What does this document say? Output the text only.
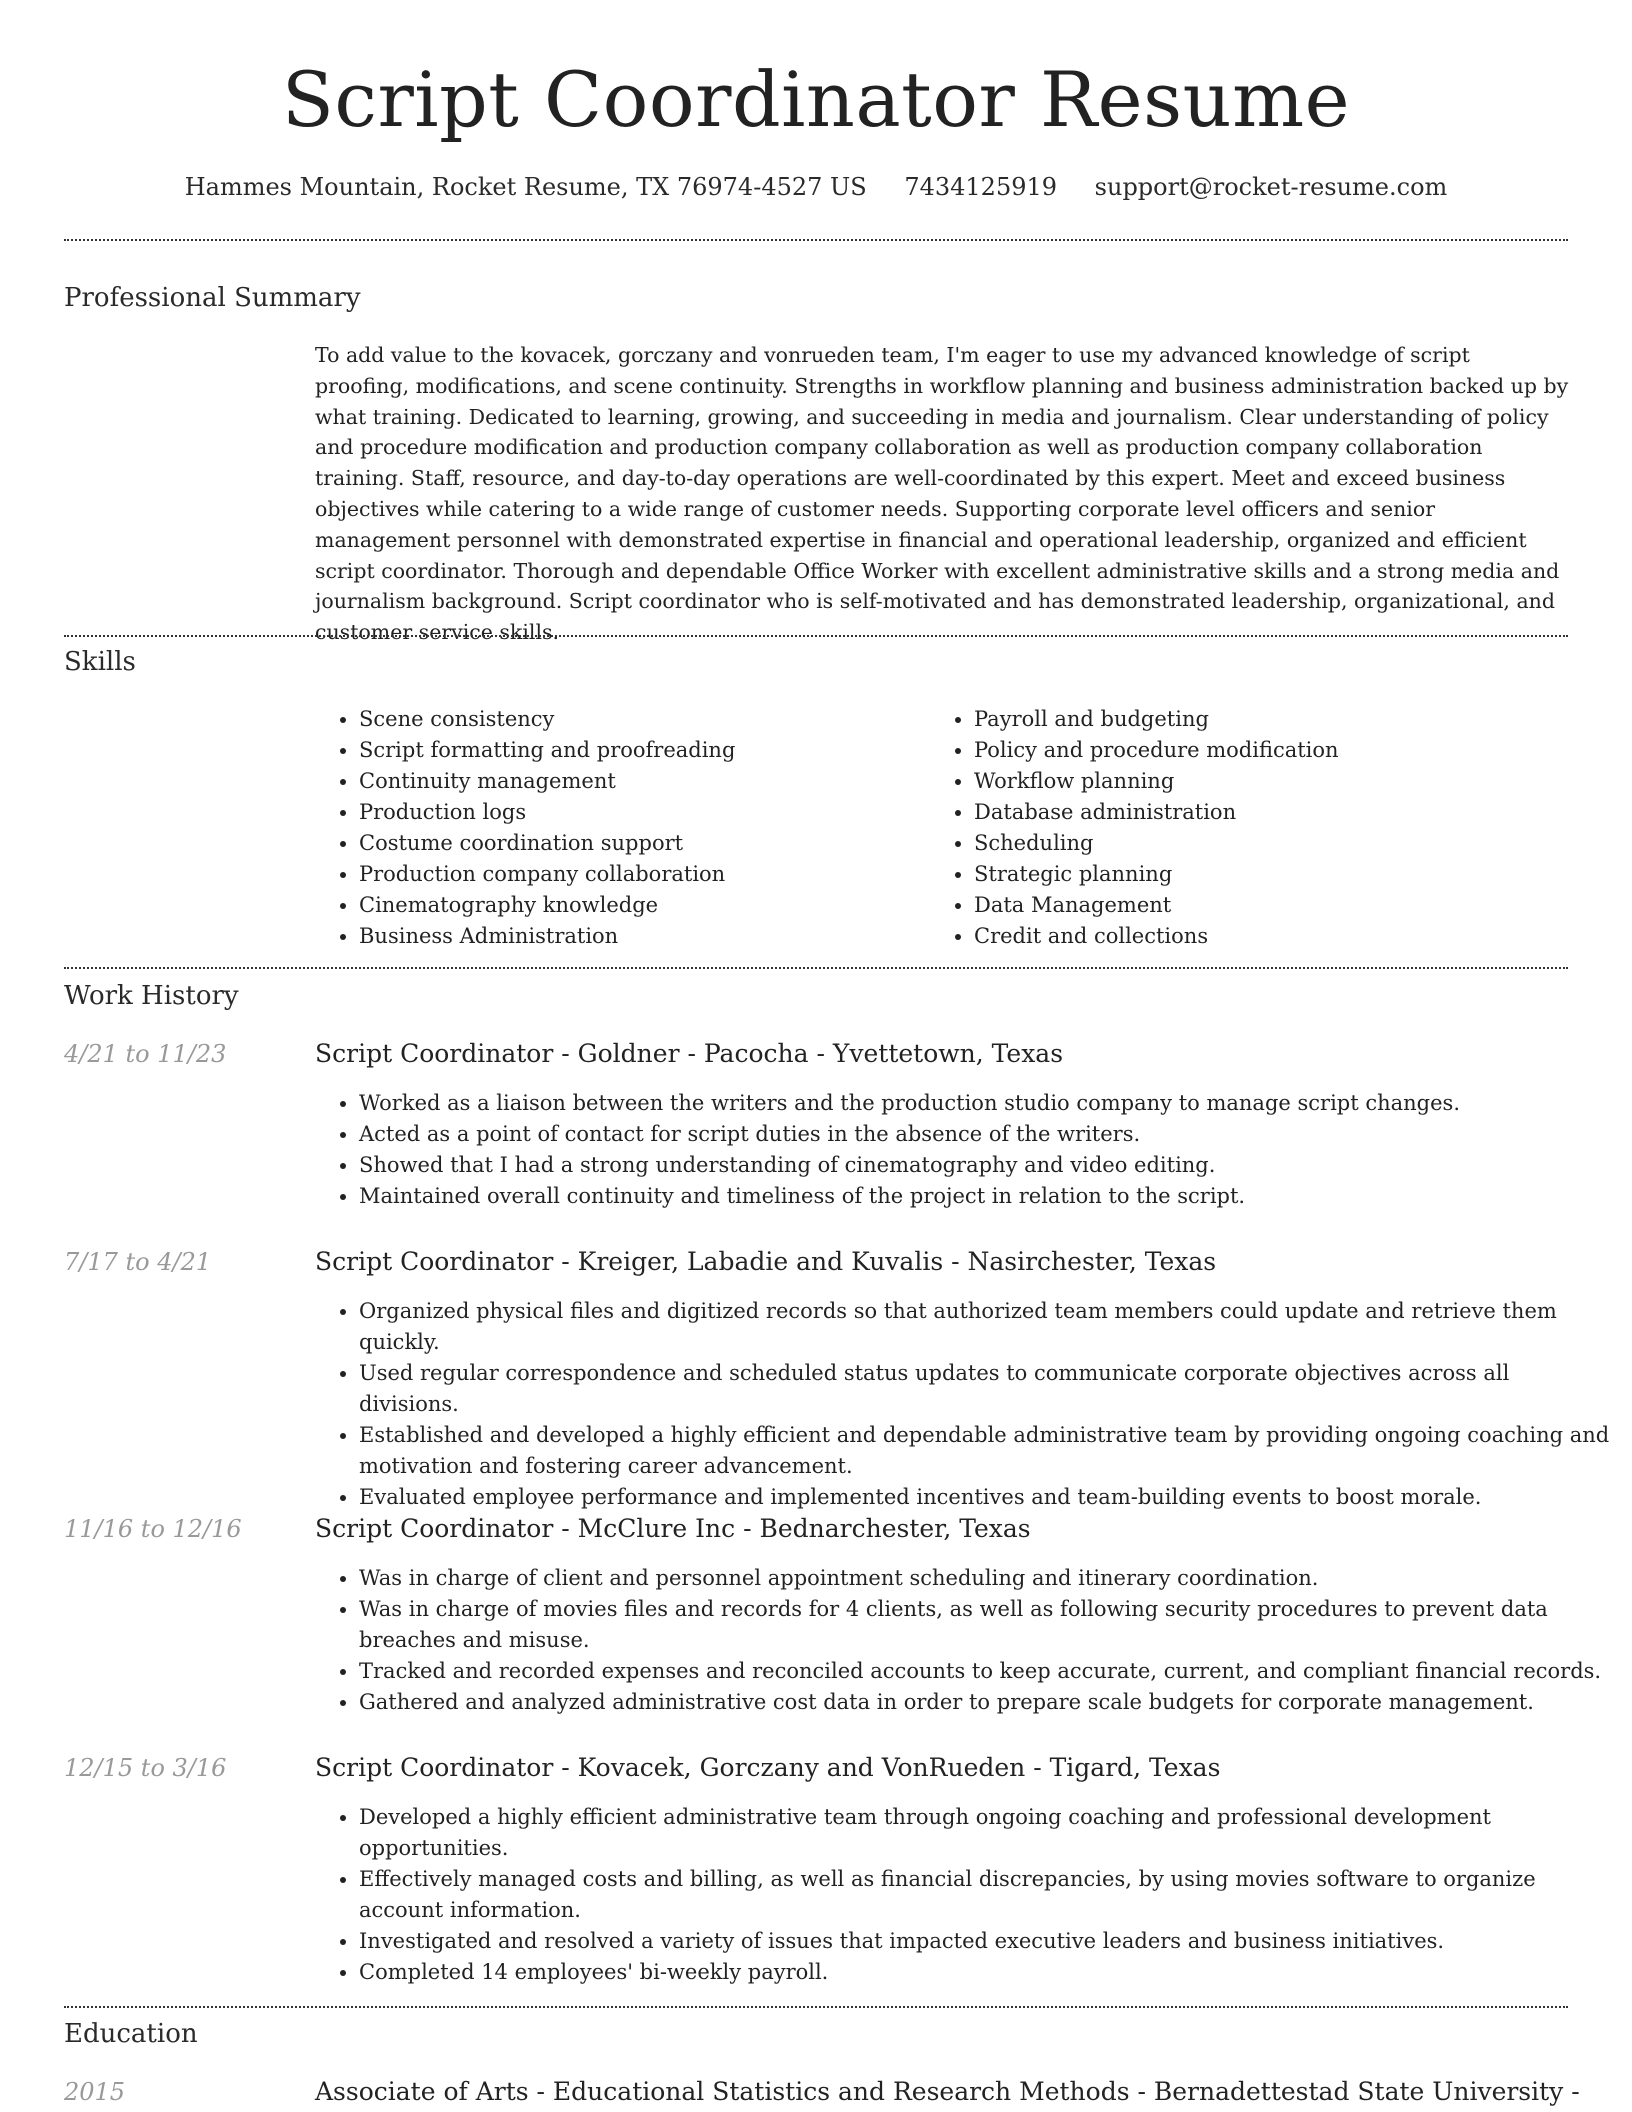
Script Coordinator Resume
Hammes Mountain, Rocket Resume, TX 76974-4527 US 7434125919 support@rocket-resume.com
Professional Summary

To add value to the kovacek, gorczany and vonrueden team, I'm eager to use my advanced knowledge of script proofing, modifications, and scene continuity. Strengths in workflow planning and business administration backed up by what training. Dedicated to learning, growing, and succeeding in media and journalism. Clear understanding of policy and procedure modification and production company collaboration as well as production company collaboration training. Staff, resource, and day-to-day operations are well-coordinated by this expert. Meet and exceed business objectives while catering to a wide range of customer needs. Supporting corporate level officers and senior management personnel with demonstrated expertise in financial and operational leadership, organized and efficient script coordinator. Thorough and dependable Office Worker with excellent administrative skills and a strong media and journalism background. Script coordinator who is self-motivated and has demonstrated leadership, organizational, and customer service skills.

Skills
• Scene consistency
• Script formatting and proofreading
• Continuity management
• Production logs
• Costume coordination support
• Production company collaboration
• Cinematography knowledge
• Business Administration
• Payroll and budgeting
• Policy and procedure modification
• Workflow planning
• Database administration
• Scheduling
• Strategic planning
• Data Management
• Credit and collections
Work History
4/21 to 11/23	Script Coordinator - Goldner - Pacocha - Yvettetown, Texas
• Worked as a liaison between the writers and the production studio company to manage script changes.
• Acted as a point of contact for script duties in the absence of the writers.
• Showed that I had a strong understanding of cinematography and video editing.
• Maintained overall continuity and timeliness of the project in relation to the script.
7/17 to 4/21	Script Coordinator - Kreiger, Labadie and Kuvalis - Nasirchester, Texas
• Organized physical files and digitized records so that authorized team members could update and retrieve them quickly.
• Used regular correspondence and scheduled status updates to communicate corporate objectives across all divisions.
• Established and developed a highly efficient and dependable administrative team by providing ongoing coaching and motivation and fostering career advancement.
• Evaluated employee performance and implemented incentives and team-building events to boost morale.
11/16 to 12/16	Script Coordinator - McClure Inc - Bednarchester, Texas
• Was in charge of client and personnel appointment scheduling and itinerary coordination.
• Was in charge of movies files and records for 4 clients, as well as following security procedures to prevent data breaches and misuse.
• Tracked and recorded expenses and reconciled accounts to keep accurate, current, and compliant financial records.
• Gathered and analyzed administrative cost data in order to prepare scale budgets for corporate management.
12/15 to 3/16	Script Coordinator - Kovacek, Gorczany and VonRueden - Tigard, Texas
• Developed a highly efficient administrative team through ongoing coaching and professional development opportunities.
• Effectively managed costs and billing, as well as financial discrepancies, by using movies software to organize account information.
• Investigated and resolved a variety of issues that impacted executive leaders and business initiatives.
• Completed 14 employees' bi-weekly payroll.
Education
2015	Associate of Arts - Educational Statistics and Research Methods - Bernadettestad State University -
